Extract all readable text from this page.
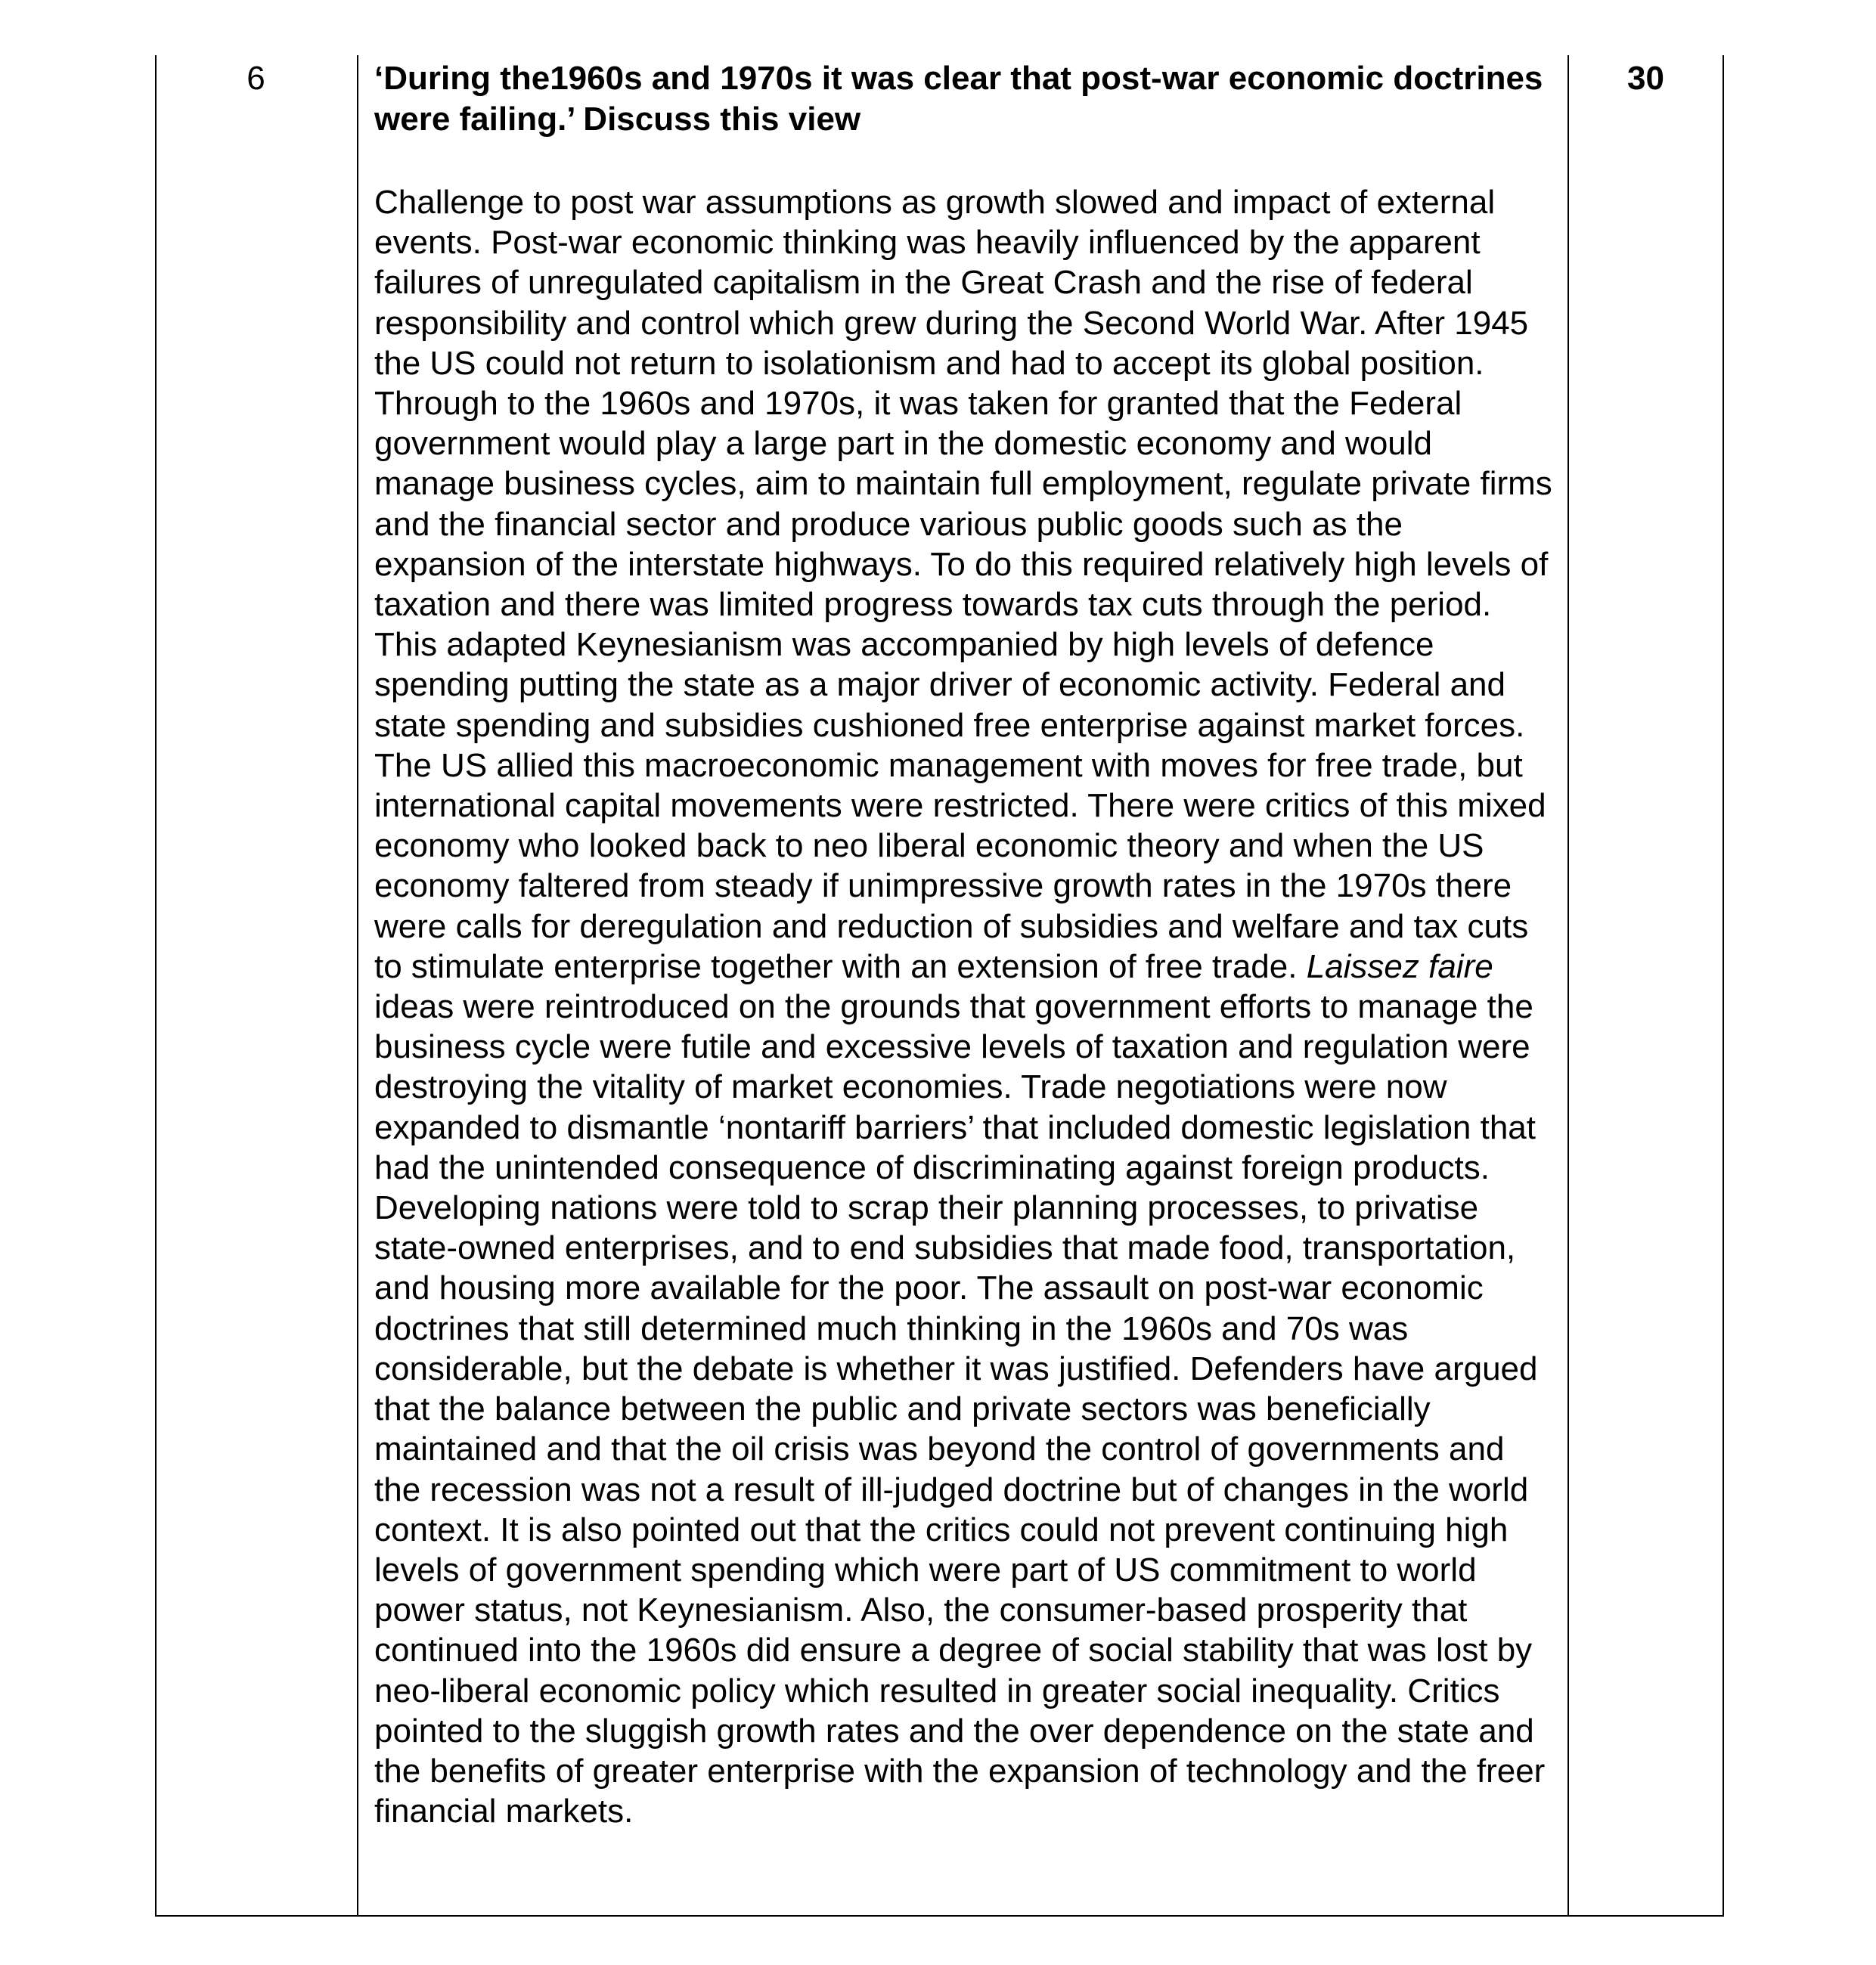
6	‘During the1960s and 1970s it was clear that post-war economic doctrines were failing.’ Discuss this view

Challenge to post war assumptions as growth slowed and impact of external events. Post-war economic thinking was heavily influenced by the apparent failures of unregulated capitalism in the Great Crash and the rise of federal responsibility and control which grew during the Second World War. After 1945 the US could not return to isolationism and had to accept its global position. Through to the 1960s and 1970s, it was taken for granted that the Federal government would play a large part in the domestic economy and would manage business cycles, aim to maintain full employment, regulate private firms and the financial sector and produce various public goods such as the expansion of the interstate highways. To do this required relatively high levels of taxation and there was limited progress towards tax cuts through the period. This adapted Keynesianism was accompanied by high levels of defence spending putting the state as a major driver of economic activity. Federal and state spending and subsidies cushioned free enterprise against market forces. The US allied this macroeconomic management with moves for free trade, but international capital movements were restricted. There were critics of this mixed economy who looked back to neo liberal economic theory and when the US economy faltered from steady if unimpressive growth rates in the 1970s there were calls for deregulation and reduction of subsidies and welfare and tax cuts to stimulate enterprise together with an extension of free trade. Laissez faire ideas were reintroduced on the grounds that government efforts to manage the business cycle were futile and excessive levels of taxation and regulation were destroying the vitality of market economies. Trade negotiations were now expanded to dismantle ‘nontariff barriers’ that included domestic legislation that had the unintended consequence of discriminating against foreign products. Developing nations were told to scrap their planning processes, to privatise state-owned enterprises, and to end subsidies that made food, transportation, and housing more available for the poor. The assault on post-war economic doctrines that still determined much thinking in the 1960s and 70s was considerable, but the debate is whether it was justified. Defenders have argued that the balance between the public and private sectors was beneficially maintained and that the oil crisis was beyond the control of governments and the recession was not a result of ill-judged doctrine but of changes in the world context. It is also pointed out that the critics could not prevent continuing high levels of government spending which were part of US commitment to world power status, not Keynesianism. Also, the consumer-based prosperity that continued into the 1960s did ensure a degree of social stability that was lost by neo-liberal economic policy which resulted in greater social inequality. Critics pointed to the sluggish growth rates and the over dependence on the state and the benefits of greater enterprise with the expansion of technology and the freer financial markets.

30
